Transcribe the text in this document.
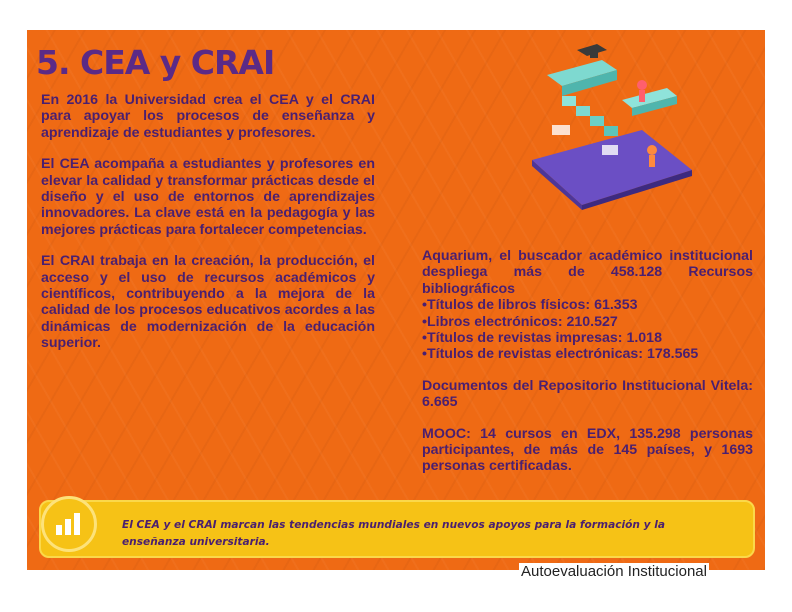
5. CEA y CRAI

En 2016 la Universidad crea el CEA y el CRAI para apoyar los procesos de enseñanza y aprendizaje de estudiantes y profesores.

El CEA acompaña a estudiantes y profesores en elevar la calidad y transformar prácticas desde el diseño y el uso de entornos de aprendizajes innovadores. La clave está en la pedagogía y las mejores prácticas para fortalecer competencias.

El CRAI trabaja en la creación, la producción, el acceso y el uso de recursos académicos y científicos, contribuyendo a la mejora de la calidad de los procesos educativos acordes a las dinámicas de modernización de la educación superior.

Aquarium, el buscador académico institucional despliega más de 458.128 Recursos bibliográficos
• Títulos de libros físicos: 61.353
• Libros electrónicos: 210.527
• Títulos de revistas impresas: 1.018
• Títulos de revistas electrónicas: 178.565

Documentos del Repositorio Institucional Vitela: 6.665

MOOC: 14 cursos en EDX, 135.298 personas participantes, de más de 145 países, y 1693 personas certificadas.

El CEA y el CRAI marcan las tendencias mundiales en nuevos apoyos para la formación y la enseñanza universitaria.
Autoevaluación Institucional
